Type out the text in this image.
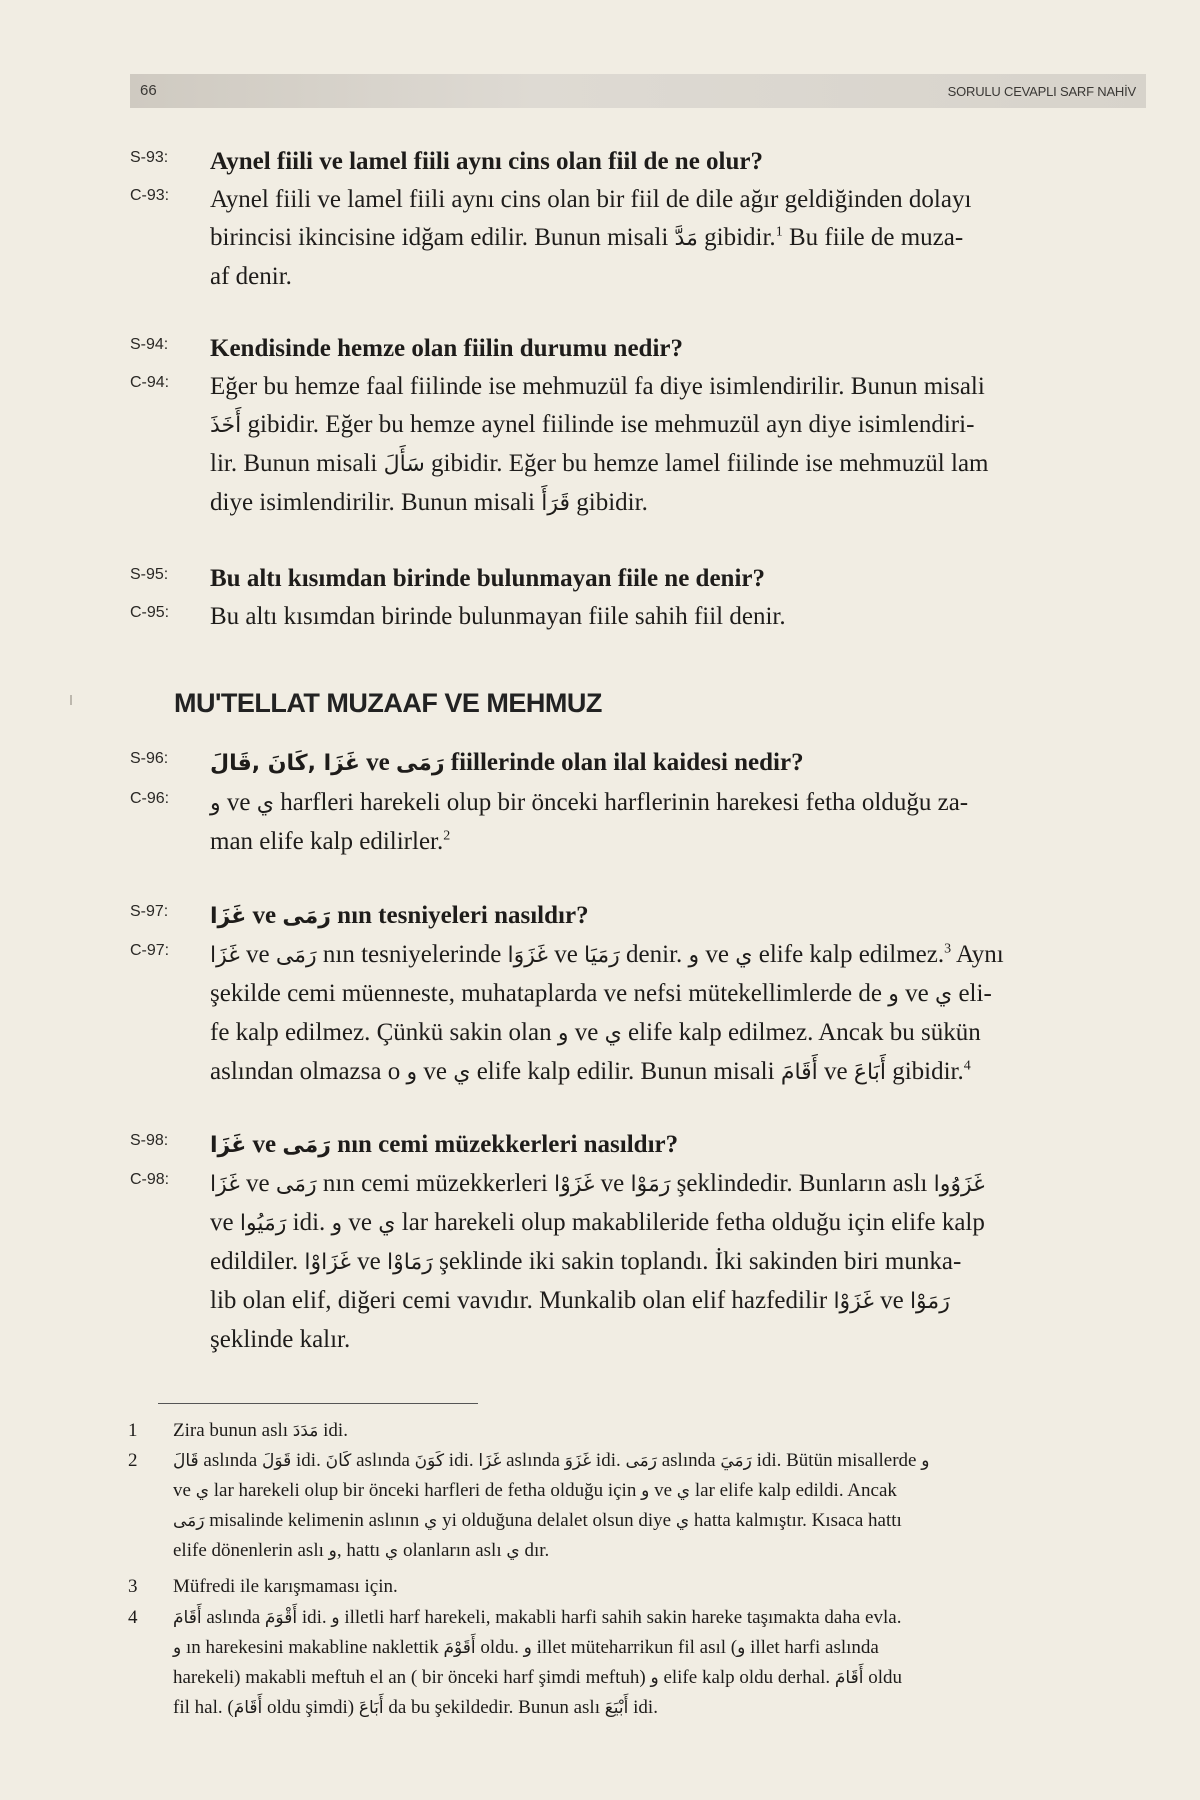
66	SORULU CEVAPLI SARF NAHİV
S-93: Aynel fiili ve lamel fiili aynı cins olan fiil de ne olur?
C-93: Aynel fiili ve lamel fiili aynı cins olan bir fiil de dile ağır geldiğinden dolayı
birincisi ikincisine idğam edilir. Bunun misali مَدَّ gibidir.$^1$ Bu fiile de muza-
af denir.
S-94: Kendisinde hemze olan fiilin durumu nedir?
C-94: Eğer bu hemze faal fiilinde ise mehmuzül fa diye isimlendirilir. Bunun misali
أَخَذَ gibidir. Eğer bu hemze aynel fiilinde ise mehmuzül ayn diye isimlendiri-
lir. Bunun misali سَأَلَ gibidir. Eğer bu hemze lamel fiilinde ise mehmuzül lam
diye isimlendirilir. Bunun misali قَرَأَ gibidir.
S-95: Bu altı kısımdan birinde bulunmayan fiile ne denir?
C-95: Bu altı kısımdan birinde bulunmayan fiile sahih fiil denir.
MU'TELLAT MUZAAF VE MEHMUZ
S-96: غَزَا ,كَانَ ,قَالَ ve رَمَى fiillerinde olan ilal kaidesi nedir?
C-96: و ve ي harfleri harekeli olup bir önceki harflerinin harekesi fetha olduğu za-
man elife kalp edilirler.$^2$
S-97: غَزَا ve رَمَى nın tesniyeleri nasıldır?
C-97: غَزَا ve رَمَى nın tesniyelerinde غَزَوَا ve رَمَيَا denir. و ve ي elife kalp edilmez.$^3$ Aynı
şekilde cemi müenneste, muhataplarda ve nefsi mütekellimlerde de و ve ي eli-
fe kalp edilmez. Çünkü sakin olan و ve ي elife kalp edilmez. Ancak bu sükün
aslından olmazsa o و ve ي elife kalp edilir. Bunun misali أَقَامَ ve أَبَاعَ gibidir.$^4$
S-98: غَزَا ve رَمَى nın cemi müzekkerleri nasıldır?
C-98: غَزَا ve رَمَى nın cemi müzekkerleri غَزَوْا ve رَمَوْا şeklindedir. Bunların aslı غَزَوُوا
ve رَمَيُوا idi. و ve ي lar harekeli olup makablileride fetha olduğu için elife kalp
edildiler. غَزَاوْا ve رَمَاوْا şeklinde iki sakin toplandı. İki sakinden biri munka-
lib olan elif, diğeri cemi vavıdır. Munkalib olan elif hazfedilir غَزَوْا ve رَمَوْا
şeklinde kalır.
1 Zira bunun aslı مَدَدَ idi.
2 قَالَ aslında قَوَلَ idi. كَانَ aslında كَوَنَ idi. غَزَا aslında غَزَوَ idi. رَمَى aslında رَمَيَ idi. Bütün misallerde و
ve ي lar harekeli olup bir önceki harfleri de fetha olduğu için و ve ي lar elife kalp edildi. Ancak
رَمَى misalinde kelimenin aslının ي yi olduğuna delalet olsun diye ي hatta kalmıştır. Kısaca hattı
elife dönenlerin aslı و, hattı ي olanların aslı ي dır.
3 Müfredi ile karışmaması için.
4 أَقَامَ aslında أَقْوَمَ idi. و illetli harf harekeli, makabli harfi sahih sakin hareke taşımakta daha evla.
و ın harekesini makabline naklettik أَقَوْمَ oldu. و illet müteharrikun fil asıl (و illet harfi aslında
harekeli) makabli meftuh el an ( bir önceki harf şimdi meftuh) و elife kalp oldu derhal. أَقَامَ oldu
fil hal. (أَقَامَ oldu şimdi) أَبَاعَ da bu şekildedir. Bunun aslı أَبْيَعَ idi.
